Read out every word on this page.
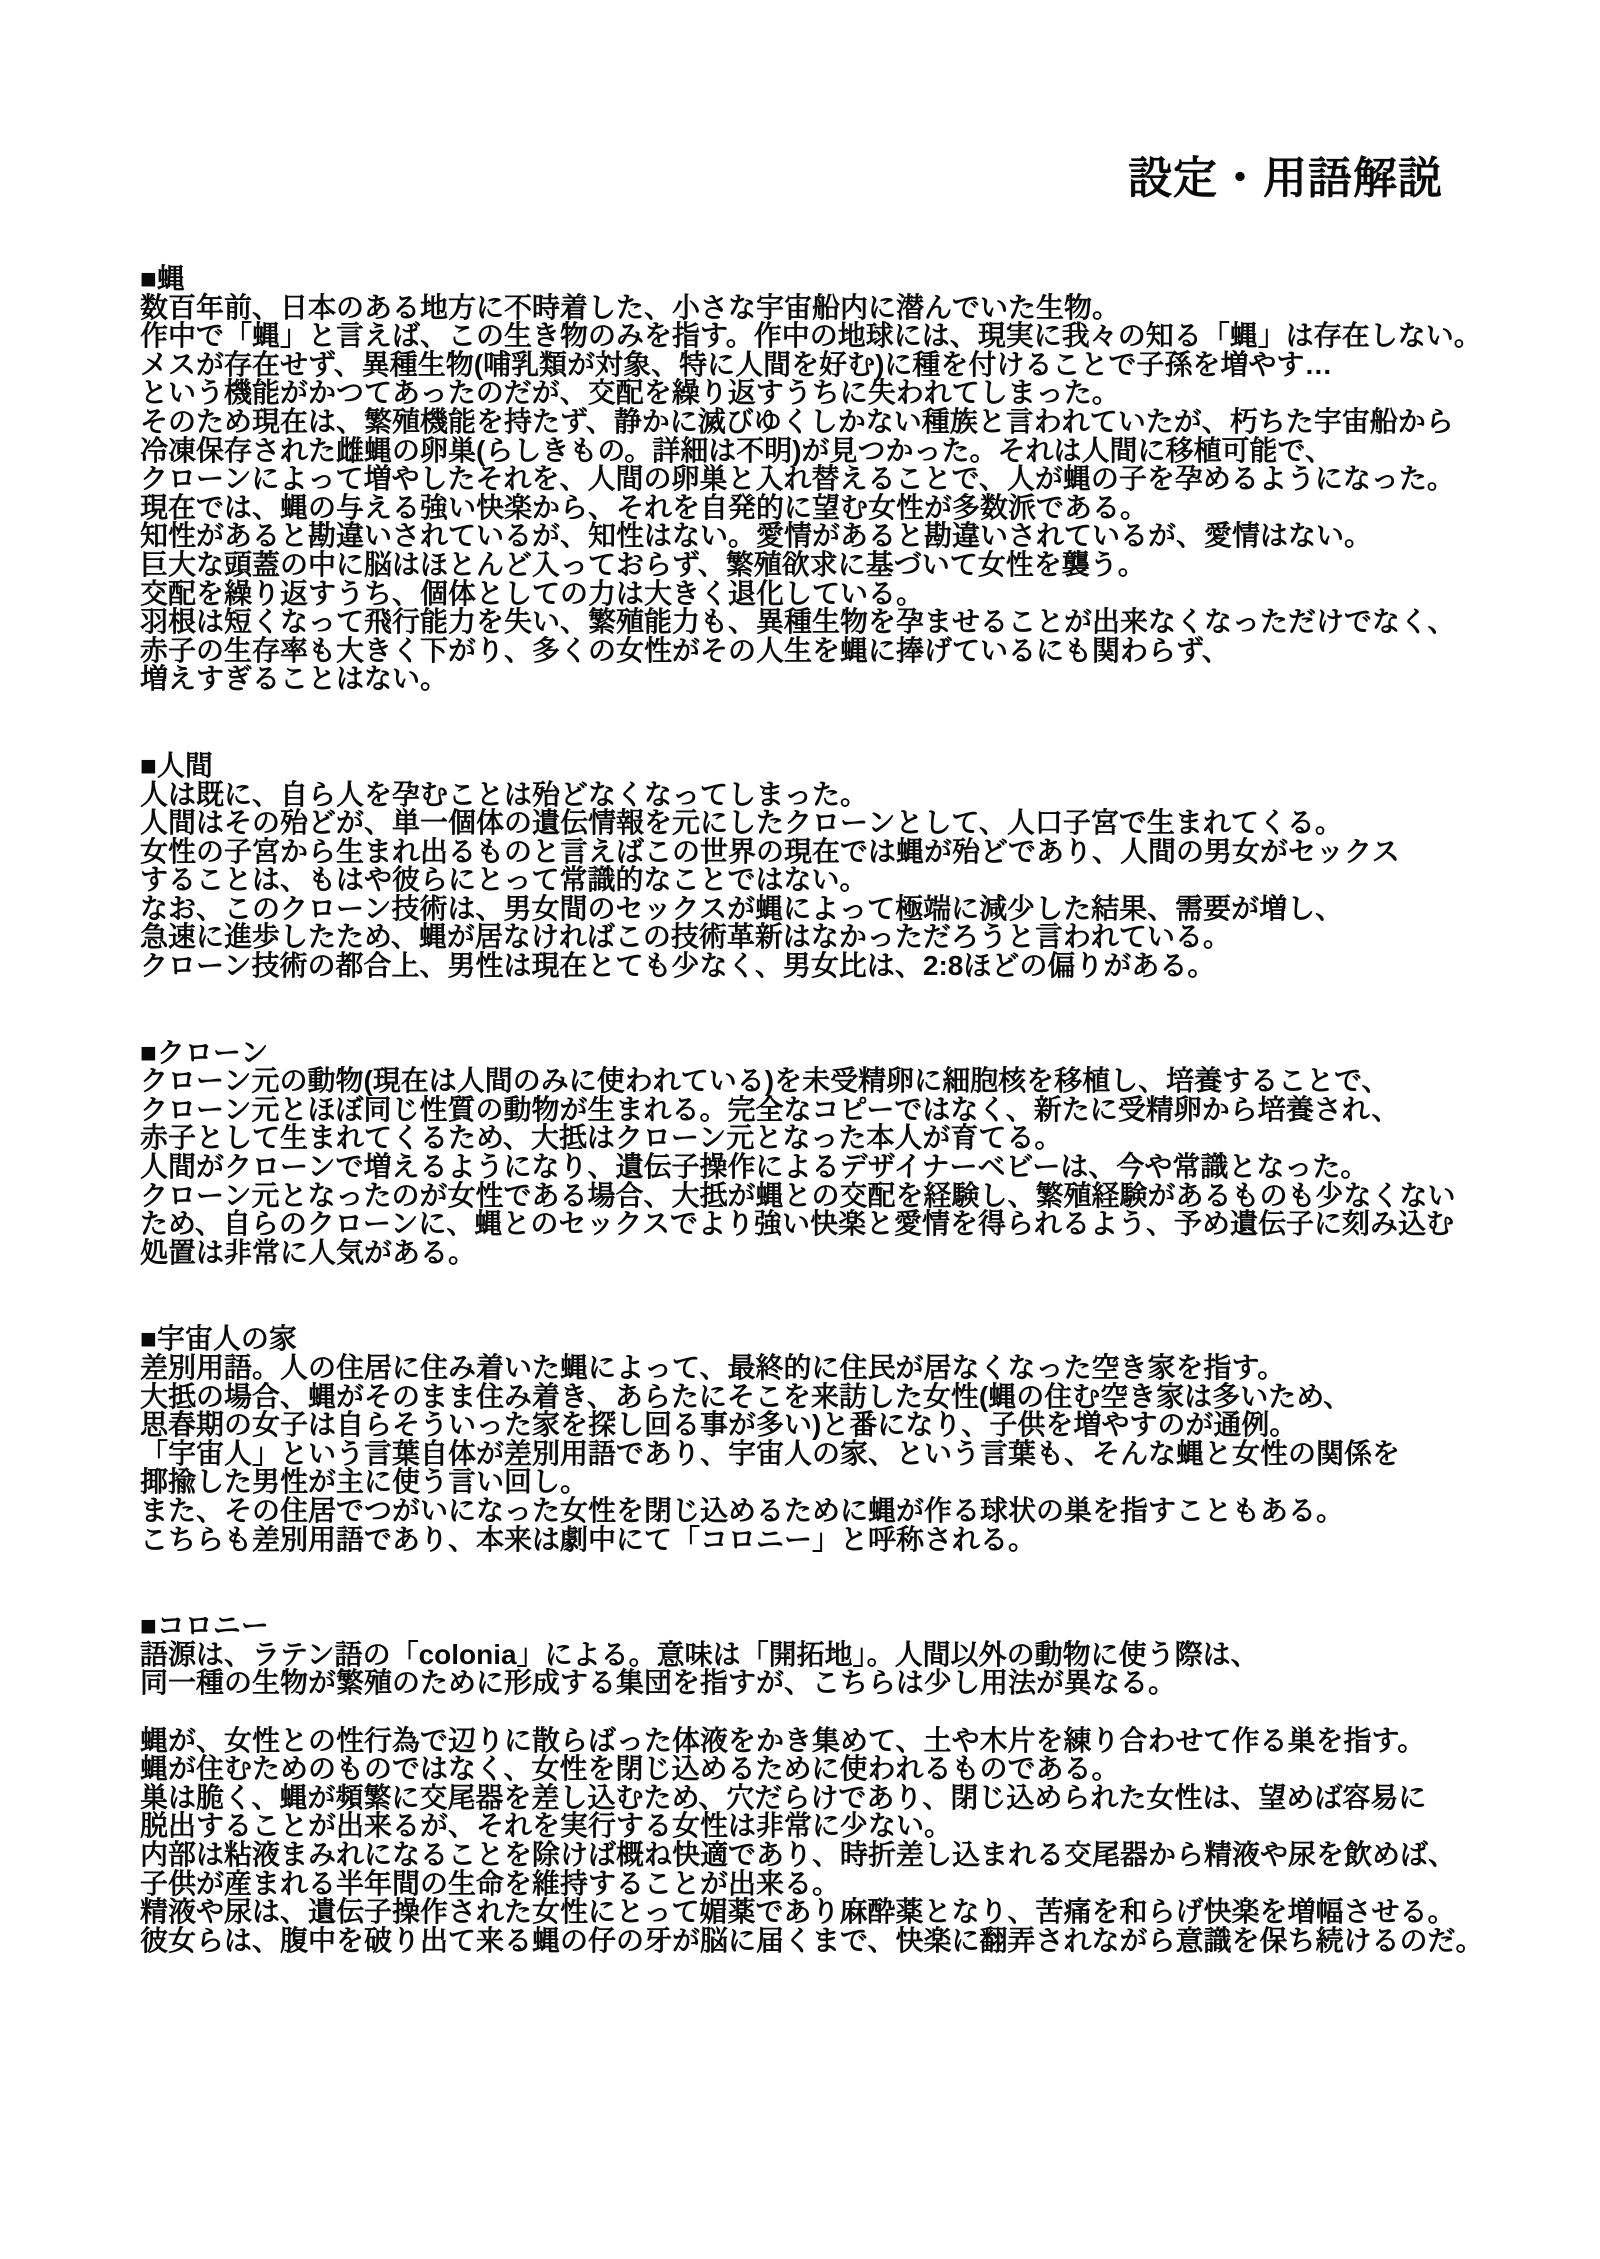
設定・用語解説
■蝿
数百年前、日本のある地方に不時着した、小さな宇宙船内に潜んでいた生物。
作中で「蝿」と言えば、この生き物のみを指す。作中の地球には、現実に我々の知る「蝿」は存在しない。
メスが存在せず、異種生物(哺乳類が対象、特に人間を好む)に種を付けることで子孫を増やす…
という機能がかつてあったのだが、交配を繰り返すうちに失われてしまった。
そのため現在は、繁殖機能を持たず、静かに滅びゆくしかない種族と言われていたが、朽ちた宇宙船から
冷凍保存された雌蝿の卵巣(らしきもの。詳細は不明)が見つかった。それは人間に移植可能で、
クローンによって増やしたそれを、人間の卵巣と入れ替えることで、人が蝿の子を孕めるようになった。
現在では、蝿の与える強い快楽から、それを自発的に望む女性が多数派である。
知性があると勘違いされているが、知性はない。愛情があると勘違いされているが、愛情はない。
巨大な頭蓋の中に脳はほとんど入っておらず、繁殖欲求に基づいて女性を襲う。
交配を繰り返すうち、個体としての力は大きく退化している。
羽根は短くなって飛行能力を失い、繁殖能力も、異種生物を孕ませることが出来なくなっただけでなく、
赤子の生存率も大きく下がり、多くの女性がその人生を蝿に捧げているにも関わらず、
増えすぎることはない。
■人間
人は既に、自ら人を孕むことは殆どなくなってしまった。
人間はその殆どが、単一個体の遺伝情報を元にしたクローンとして、人口子宮で生まれてくる。
女性の子宮から生まれ出るものと言えばこの世界の現在では蝿が殆どであり、人間の男女がセックス
することは、もはや彼らにとって常識的なことではない。
なお、このクローン技術は、男女間のセックスが蝿によって極端に減少した結果、需要が増し、
急速に進歩したため、蝿が居なければこの技術革新はなかっただろうと言われている。
クローン技術の都合上、男性は現在とても少なく、男女比は、2:8ほどの偏りがある。
■クローン
クローン元の動物(現在は人間のみに使われている)を未受精卵に細胞核を移植し、培養することで、
クローン元とほぼ同じ性質の動物が生まれる。完全なコピーではなく、新たに受精卵から培養され、
赤子として生まれてくるため、大抵はクローン元となった本人が育てる。
人間がクローンで増えるようになり、遺伝子操作によるデザイナーベビーは、今や常識となった。
クローン元となったのが女性である場合、大抵が蝿との交配を経験し、繁殖経験があるものも少なくない
ため、自らのクローンに、蝿とのセックスでより強い快楽と愛情を得られるよう、予め遺伝子に刻み込む
処置は非常に人気がある。
■宇宙人の家
差別用語。人の住居に住み着いた蝿によって、最終的に住民が居なくなった空き家を指す。
大抵の場合、蝿がそのまま住み着き、あらたにそこを来訪した女性(蝿の住む空き家は多いため、
思春期の女子は自らそういった家を探し回る事が多い)と番になり、子供を増やすのが通例。
「宇宙人」という言葉自体が差別用語であり、宇宙人の家、という言葉も、そんな蝿と女性の関係を
揶揄した男性が主に使う言い回し。
また、その住居でつがいになった女性を閉じ込めるために蝿が作る球状の巣を指すこともある。
こちらも差別用語であり、本来は劇中にて「コロニー」と呼称される。
■コロニー
語源は、ラテン語の「colonia」による。意味は「開拓地」。人間以外の動物に使う際は、
同一種の生物が繁殖のために形成する集団を指すが、こちらは少し用法が異なる。
蝿が、女性との性行為で辺りに散らばった体液をかき集めて、土や木片を練り合わせて作る巣を指す。
蝿が住むためのものではなく、女性を閉じ込めるために使われるものである。
巣は脆く、蝿が頻繁に交尾器を差し込むため、穴だらけであり、閉じ込められた女性は、望めば容易に
脱出することが出来るが、それを実行する女性は非常に少ない。
内部は粘液まみれになることを除けば概ね快適であり、時折差し込まれる交尾器から精液や尿を飲めば、
子供が産まれる半年間の生命を維持することが出来る。
精液や尿は、遺伝子操作された女性にとって媚薬であり麻酔薬となり、苦痛を和らげ快楽を増幅させる。
彼女らは、腹中を破り出て来る蝿の仔の牙が脳に届くまで、快楽に翻弄されながら意識を保ち続けるのだ。
